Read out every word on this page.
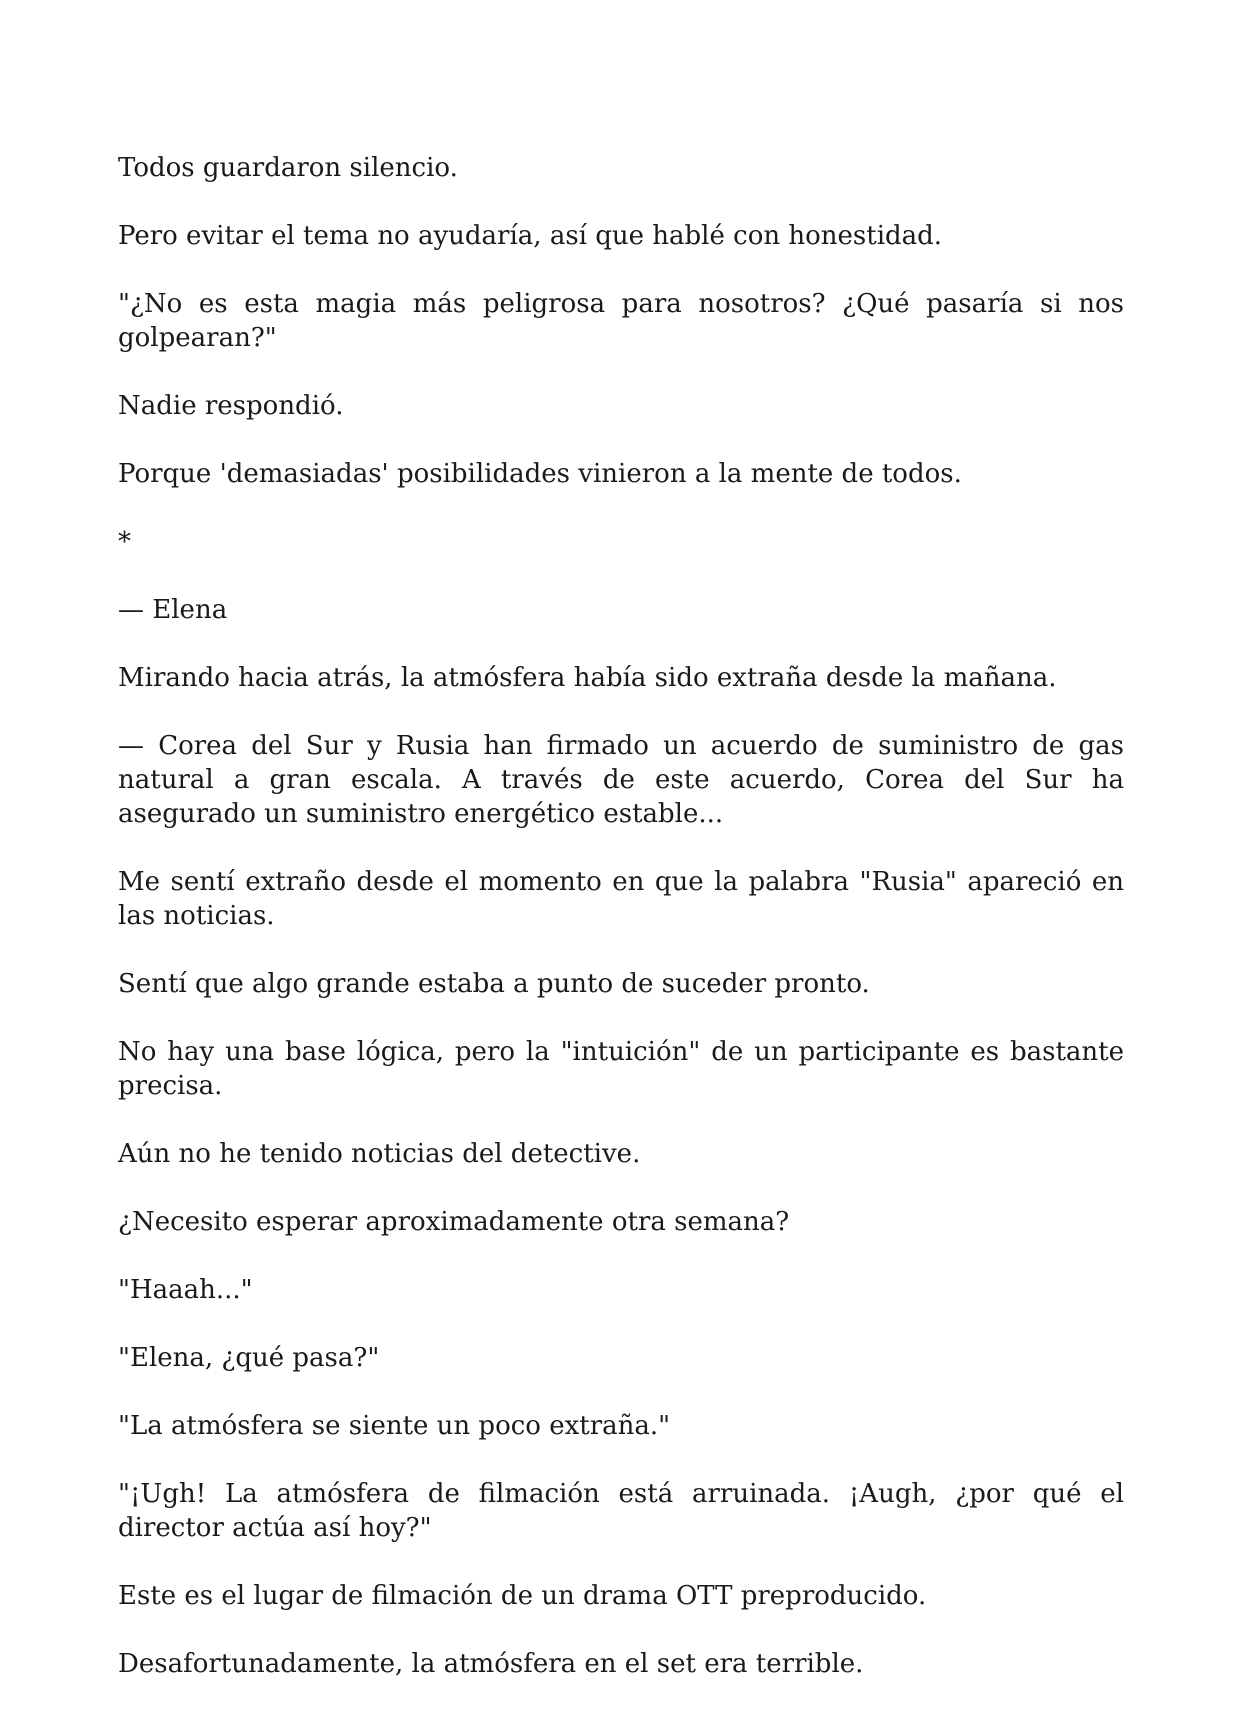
Todos guardaron silencio.

Pero evitar el tema no ayudaría, así que hablé con honestidad.

"¿No es esta magia más peligrosa para nosotros? ¿Qué pasaría si nos golpearan?"

Nadie respondió.

Porque 'demasiadas' posibilidades vinieron a la mente de todos.

*

— Elena

Mirando hacia atrás, la atmósfera había sido extraña desde la mañana.

— Corea del Sur y Rusia han firmado un acuerdo de suministro de gas natural a gran escala. A través de este acuerdo, Corea del Sur ha asegurado un suministro energético estable...

Me sentí extraño desde el momento en que la palabra "Rusia" apareció en las noticias.

Sentí que algo grande estaba a punto de suceder pronto.

No hay una base lógica, pero la "intuición" de un participante es bastante precisa.

Aún no he tenido noticias del detective.

¿Necesito esperar aproximadamente otra semana?

"Haaah..."

"Elena, ¿qué pasa?"

"La atmósfera se siente un poco extraña."

"¡Ugh! La atmósfera de filmación está arruinada. ¡Augh, ¿por qué el director actúa así hoy?"

Este es el lugar de filmación de un drama OTT preproducido.

Desafortunadamente, la atmósfera en el set era terrible.
